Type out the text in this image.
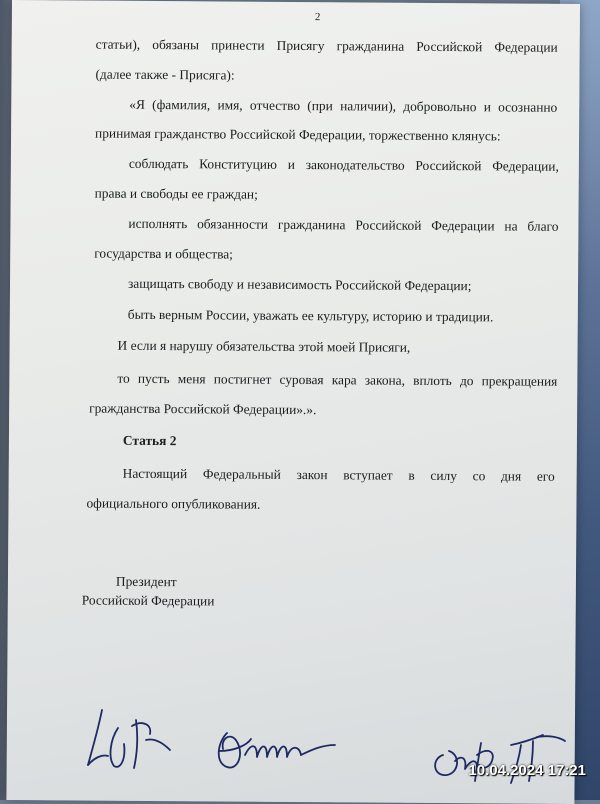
2
статьи), обязаны принести Присягу гражданина Российской Федерации
(далее также - Присяга):
«Я (фамилия, имя, отчество (при наличии), добровольно и осознанно
принимая гражданство Российской Федерации, торжественно клянусь:
соблюдать Конституцию и законодательство Российской Федерации,
права и свободы ее граждан;
исполнять обязанности гражданина Российской Федерации на благо
государства и общества;
защищать свободу и независимость Российской Федерации;
быть верным России, уважать ее культуру, историю и традиции.
И если я нарушу обязательства этой моей Присяги,
то пусть меня постигнет суровая кара закона, вплоть до прекращения
гражданства Российской Федерации».».
Статья 2
Настоящий Федеральный закон вступает в силу со дня его
официального опубликования.
Президент
Российской Федерации
10.04.2024 17:21
